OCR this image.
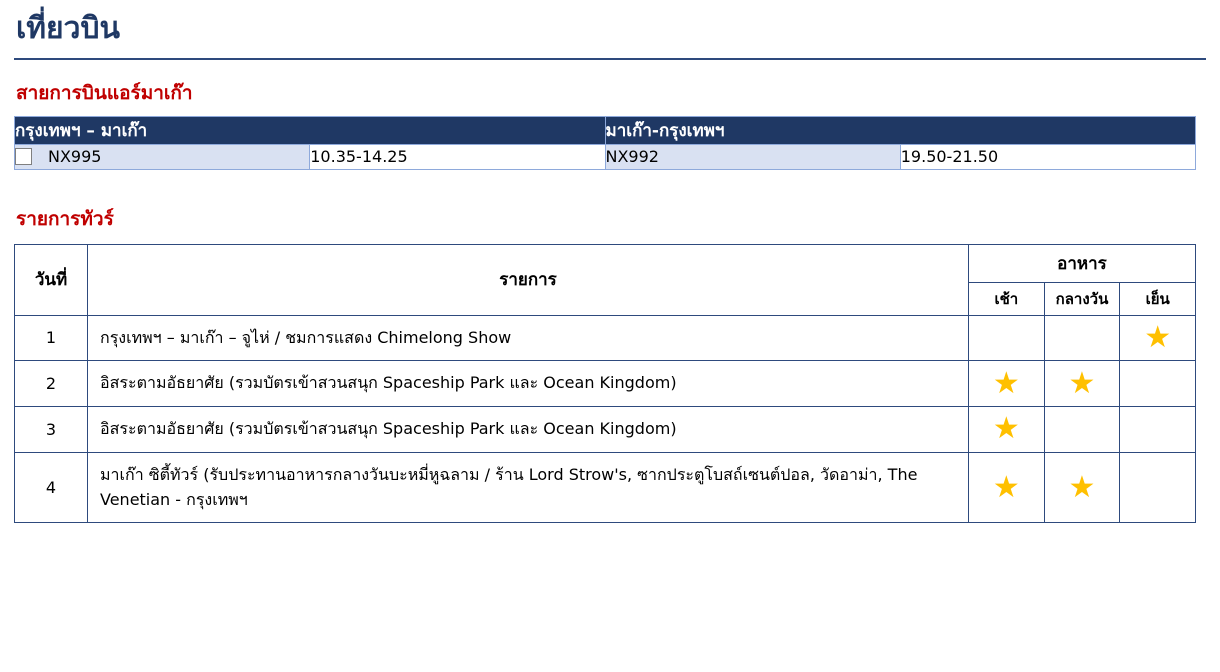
เที่ยวบิน
สายการบินแอร์มาเก๊า
กรุงเทพฯ – มาเก๊า		มาเก๊า-กรุงเทพฯ	

NX995	10.35-14.25	NX992	19.50-21.50
รายการทัวร์
วันที่	รายการ	อาหาร		
		เช้า	กลางวัน	เย็น
1	กรุงเทพฯ – มาเก๊า – จูไห่ / ชมการแสดง Chimelong Show			★
2	อิสระตามอัธยาศัย (รวมบัตรเข้าสวนสนุก Spaceship Park และ Ocean Kingdom)	★	★	
3	อิสระตามอัธยาศัย (รวมบัตรเข้าสวนสนุก Spaceship Park และ Ocean Kingdom)	★		
4	มาเก๊า ซิตี้ทัวร์ (รับประทานอาหารกลางวันบะหมี่หูฉลาม / ร้าน Lord Strow's, ซากประตูโบสถ์เซนต์ปอล, วัดอาม่า, The Venetian - กรุงเทพฯ	★	★	
